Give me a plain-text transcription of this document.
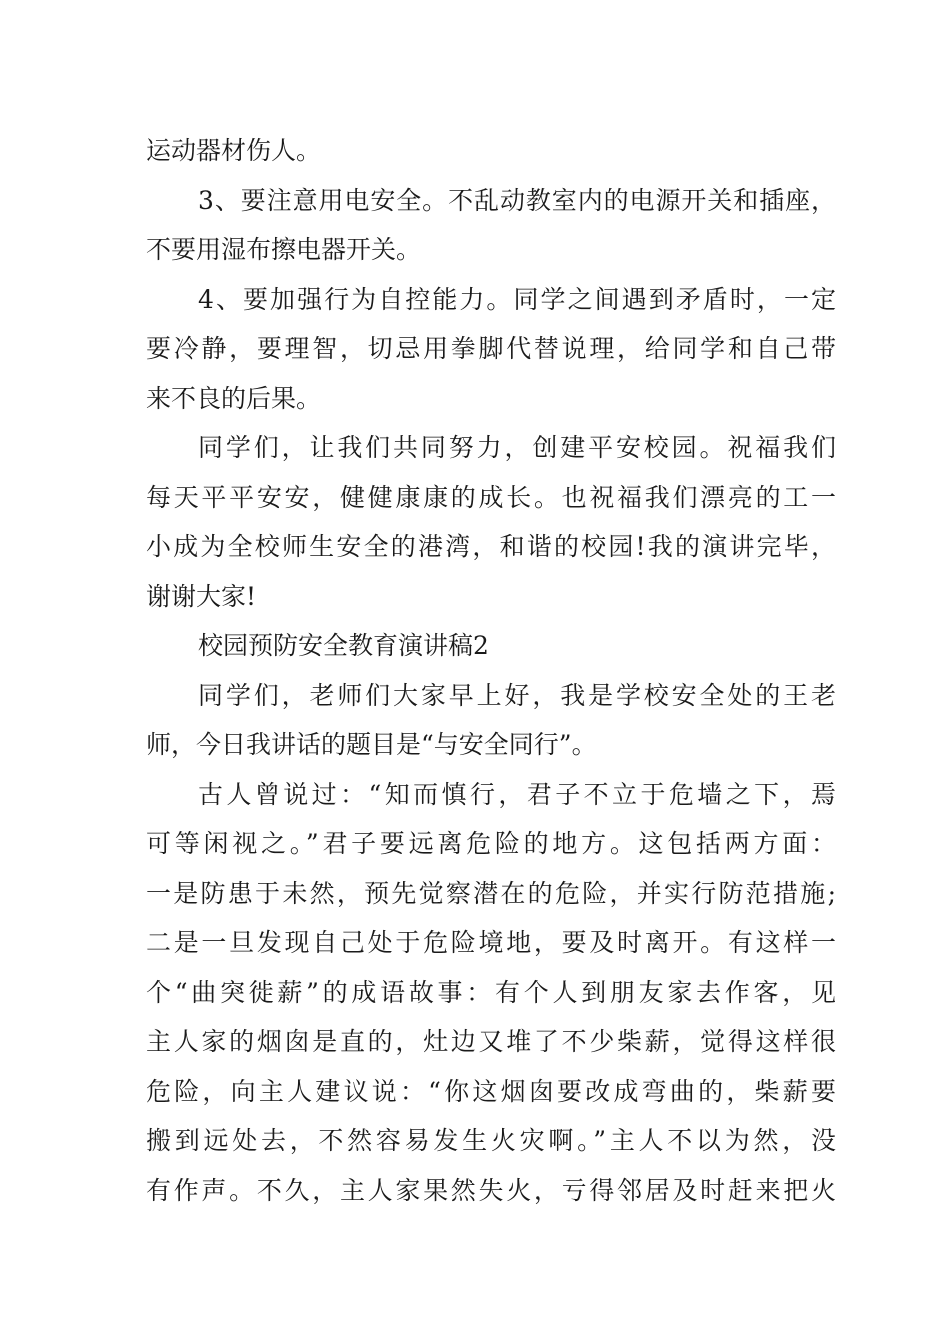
运动器材伤人。
3、要注意用电安全。不乱动教室内的电源开关和插座，
不要用湿布擦电器开关。
4、要加强行为自控能力。同学之间遇到矛盾时，一定
要冷静，要理智，切忌用拳脚代替说理，给同学和自己带
来不良的后果。
同学们，让我们共同努力，创建平安校园。祝福我们
每天平平安安，健健康康的成长。也祝福我们漂亮的工一
小成为全校师生安全的港湾，和谐的校园!我的演讲完毕，
谢谢大家!
校园预防安全教育演讲稿2
同学们，老师们大家早上好，我是学校安全处的王老
师，今日我讲话的题目是“与安全同行”。
古人曾说过：“知而慎行，君子不立于危墙之下，焉
可等闲视之。”君子要远离危险的地方。这包括两方面：
一是防患于未然，预先觉察潜在的危险，并实行防范措施;
二是一旦发现自己处于危险境地，要及时离开。有这样一
个“曲突徙薪”的成语故事：有个人到朋友家去作客，见
主人家的烟囱是直的，灶边又堆了不少柴薪，觉得这样很
危险，向主人建议说：“你这烟囱要改成弯曲的，柴薪要
搬到远处去，不然容易发生火灾啊。”主人不以为然，没
有作声。不久，主人家果然失火，亏得邻居及时赶来把火
